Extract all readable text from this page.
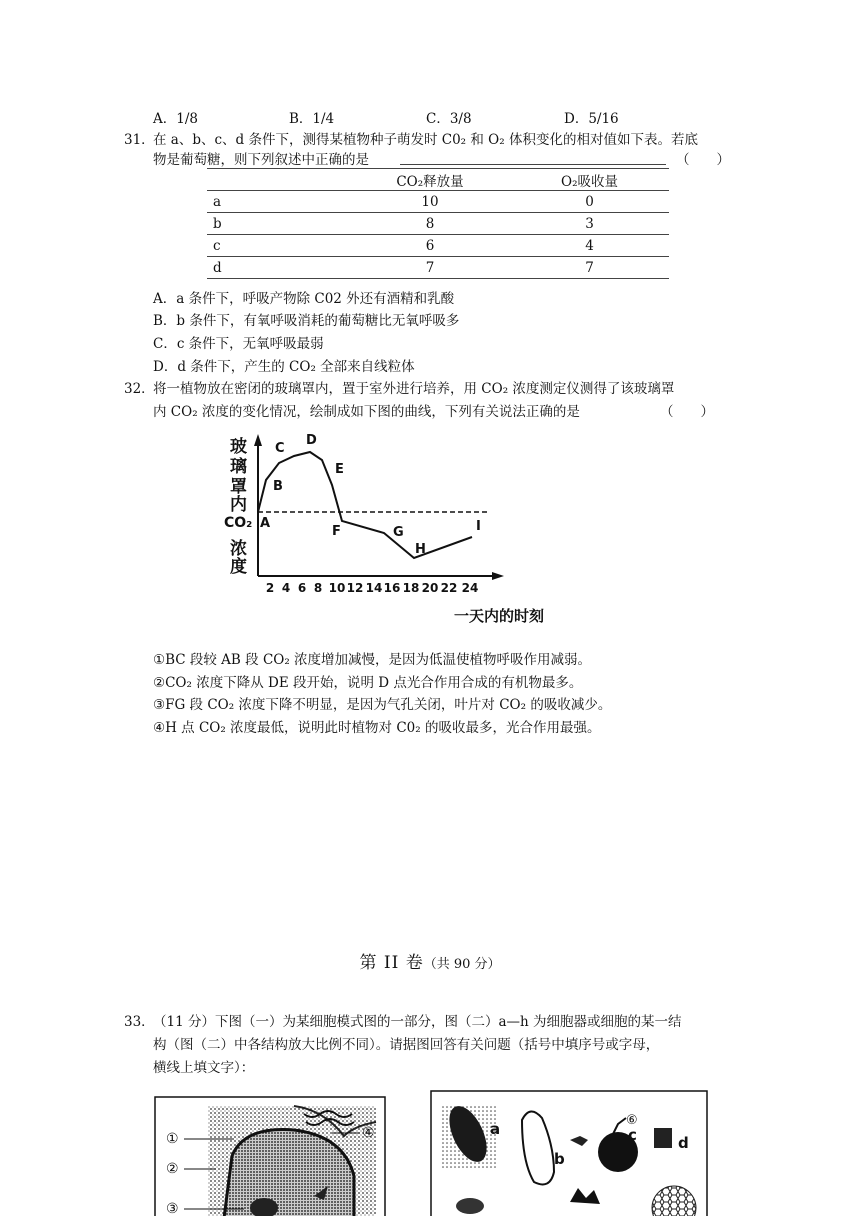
A．1/8	B．1/4	C．3/8	D．5/16
31．
在 a、b、c、d 条件下，测得某植物种子萌发时 C0₂ 和 O₂ 体积变化的相对值如下表。若底
物是葡萄糖，则下列叙述中正确的是	（　　）
	CO₂释放量	O₂吸收量
a	10	0
b	8	3
c	6	4
d	7	7
A．a 条件下，呼吸产物除 C02 外还有酒精和乳酸
B．b 条件下，有氧呼吸消耗的葡萄糖比无氧呼吸多
C．c 条件下，无氧呼吸最弱
D．d 条件下，产生的 CO₂ 全部来自线粒体
32．
将一植物放在密闭的玻璃罩内，置于室外进行培养，用 CO₂ 浓度测定仪测得了该玻璃罩
内 CO₂ 浓度的变化情况，绘制成如下图的曲线，下列有关说法正确的是	（　　）
玻
璃
罩
内
CO₂
浓
度
A
B
C
D
E
F	G
H
I
2 4 6 8 10 12 14 16 18 20 22 24
一天内的时刻
①BC 段较 AB 段 CO₂ 浓度增加减慢，是因为低温使植物呼吸作用减弱。
②CO₂ 浓度下降从 DE 段开始，说明 D 点光合作用合成的有机物最多。
③FG 段 CO₂ 浓度下降不明显，是因为气孔关闭，叶片对 CO₂ 的吸收减少。
④H 点 CO₂ 浓度最低，说明此时植物对 C0₂ 的吸收最多，光合作用最强。
第 II 卷（共 90 分）
33．
（11 分）下图（一）为某细胞模式图的一部分，图（二）a—h 为细胞器或细胞的某一结
构（图（二）中各结构放大比例不同）。请据图回答有关问题（括号中填序号或字母，
横线上填文字）：
①
②
③
④	a
b
c	d
⑥
